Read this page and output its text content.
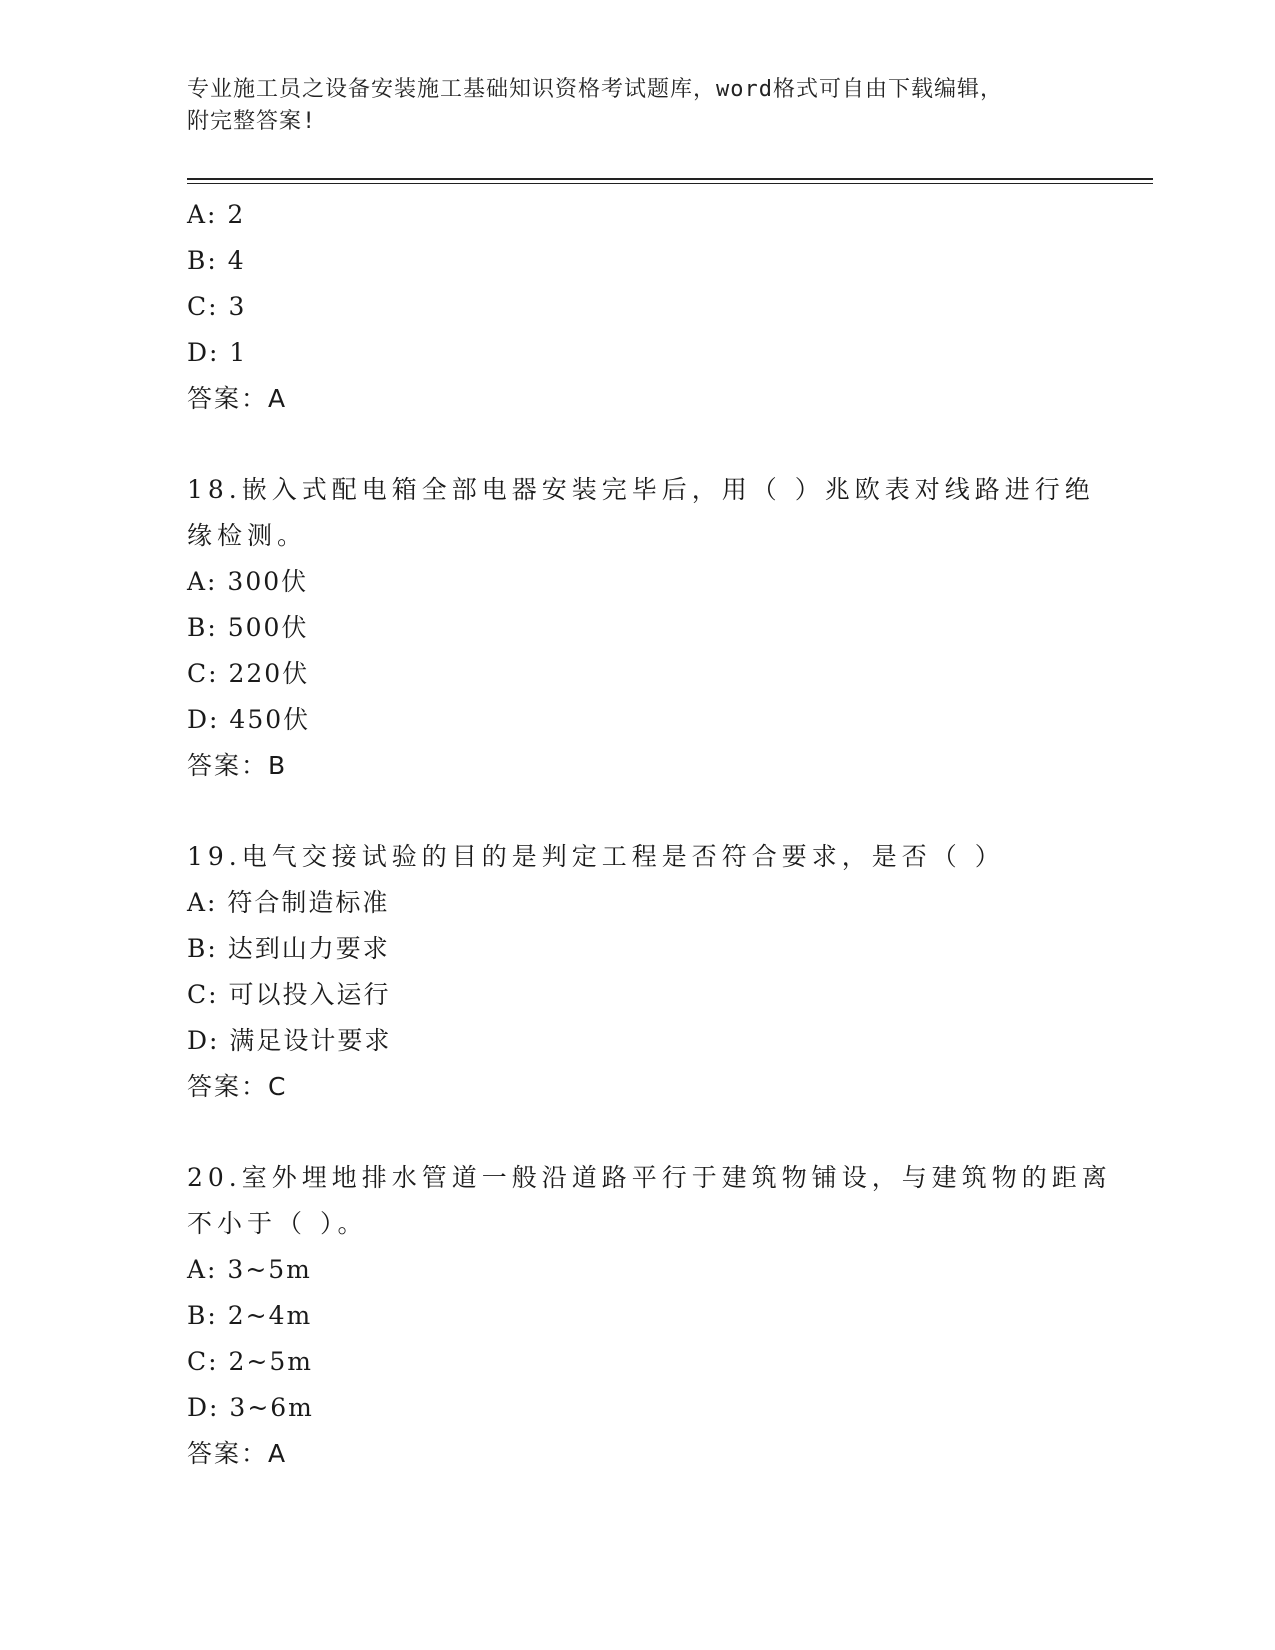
专业施工员之设备安装施工基础知识资格考试题库，word格式可自由下载编辑，
附完整答案!
A: 2
B: 4
C: 3
D: 1
答案：A
18.嵌入式配电箱全部电器安装完毕后，用（ ）兆欧表对线路进行绝
缘检测。
A: 300伏
B: 500伏
C: 220伏
D: 450伏
答案：B
19.电气交接试验的目的是判定工程是否符合要求，是否（ ）
A: 符合制造标准
B: 达到山力要求
C: 可以投入运行
D: 满足设计要求
答案：C
20.室外埋地排水管道一般沿道路平行于建筑物铺设，与建筑物的距离
不小于（ ）。
A: 3~5m
B: 2~4m
C: 2~5m
D: 3~6m
答案：A
